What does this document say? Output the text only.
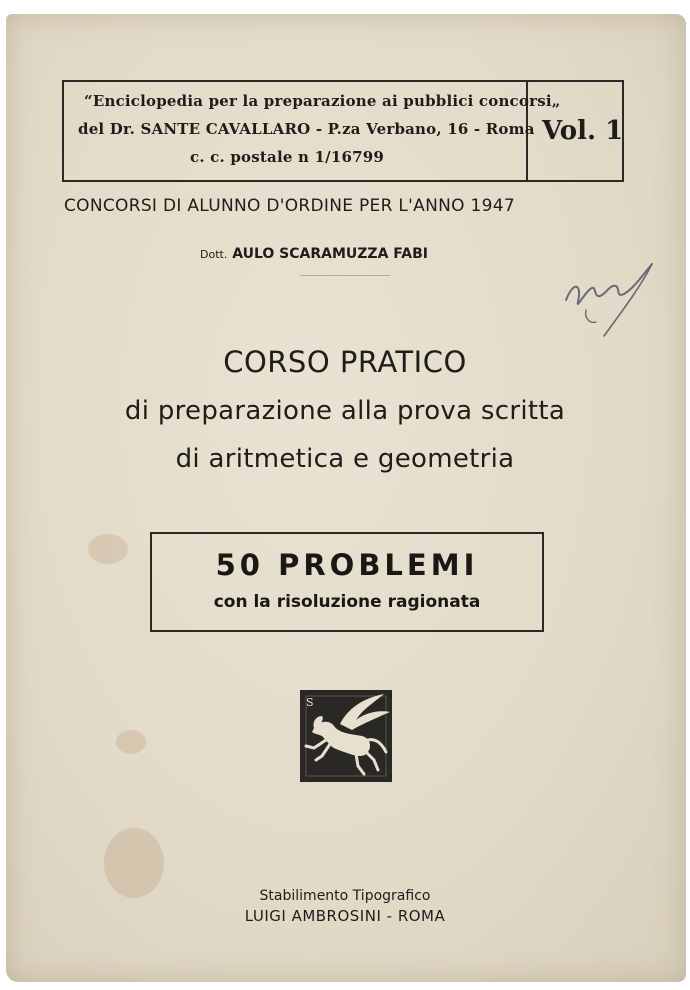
“Enciclopedia per la preparazione ai pubblici concorsi„
del Dr. SANTE CAVALLARO - P.za Verbano, 16 - Roma
c. c. postale n 1/16799
Vol. 1
CONCORSI DI ALUNNO D'ORDINE PER L'ANNO 1947
Dott. AULO SCARAMUZZA FABI
CORSO PRATICO
di preparazione alla prova scritta
di aritmetica e geometria
50 PROBLEMI
con la risoluzione ragionata
S
Stabilimento Tipografico
LUIGI AMBROSINI - ROMA
